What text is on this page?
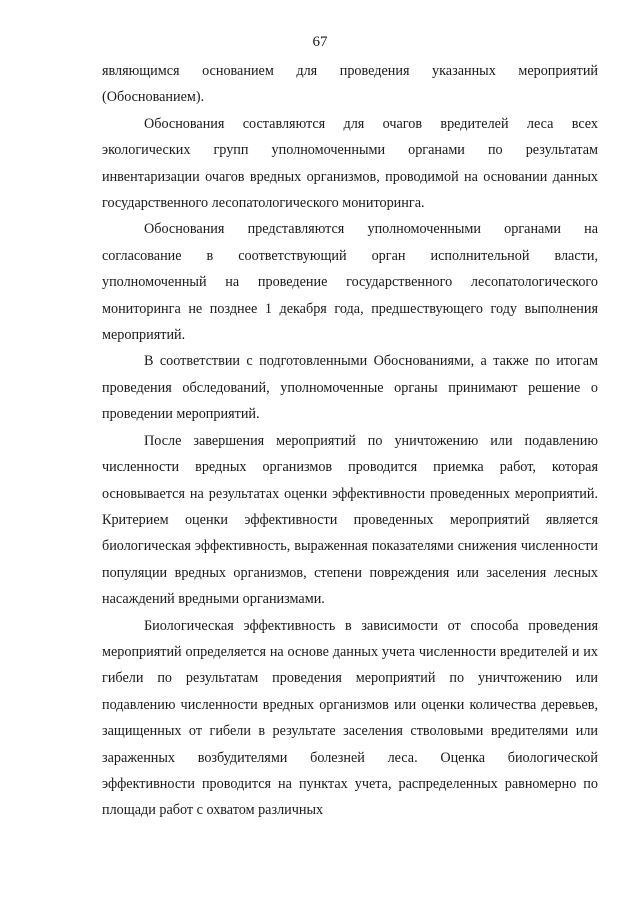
67

являющимся основанием для проведения указанных мероприятий (Обоснованием).

Обоснования составляются для очагов вредителей леса всех экологических групп уполномоченными органами по результатам инвентаризации очагов вредных организмов, проводимой на основании данных государственного лесопатологического мониторинга.

Обоснования представляются уполномоченными органами на согласование в соответствующий орган исполнительной власти, уполномоченный на проведение государственного лесопатологического мониторинга не позднее 1 декабря года, предшествующего году выполнения мероприятий.

В соответствии с подготовленными Обоснованиями, а также по итогам проведения обследований, уполномоченные органы принимают решение о проведении мероприятий.

После завершения мероприятий по уничтожению или подавлению численности вредных организмов проводится приемка работ, которая основывается на результатах оценки эффективности проведенных мероприятий. Критерием оценки эффективности проведенных мероприятий является биологическая эффективность, выраженная показателями снижения численности популяции вредных организмов, степени повреждения или заселения лесных насаждений вредными организмами.

Биологическая эффективность в зависимости от способа проведения мероприятий определяется на основе данных учета численности вредителей и их гибели по результатам проведения мероприятий по уничтожению или подавлению численности вредных организмов или оценки количества деревьев, защищенных от гибели в результате заселения стволовыми вредителями или зараженных возбудителями болезней леса. Оценка биологической эффективности проводится на пунктах учета, распределенных равномерно по площади работ с охватом различных
